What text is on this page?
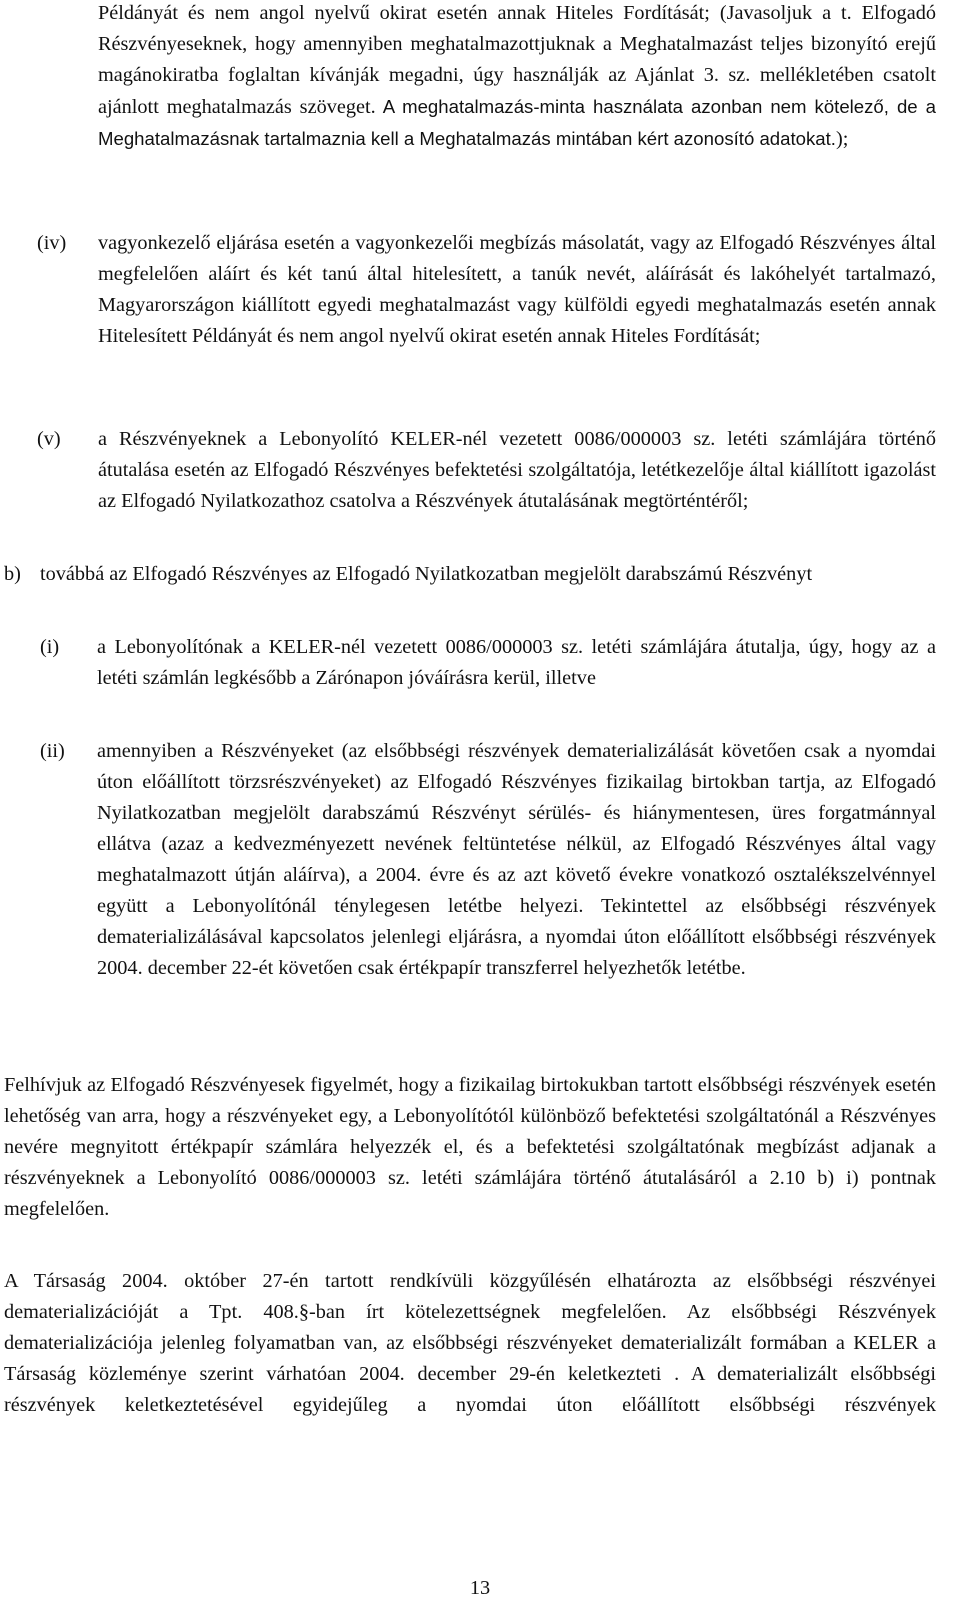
Példányát és nem angol nyelvű okirat esetén annak Hiteles Fordítását; (Javasoljuk a t. Elfogadó Részvényeseknek, hogy amennyiben meghatalmazottjuknak a Meghatalmazást teljes bizonyító erejű magánokiratba foglaltan kívánják megadni, úgy használják az Ajánlat 3. sz. mellékletében csatolt ajánlott meghatalmazás szöveget. A meghatalmazás-minta használata azonban nem kötelező, de a Meghatalmazásnak tartalmaznia kell a Meghatalmazás mintában kért azonosító adatokat.);

(iv) vagyonkezelő eljárása esetén a vagyonkezelői megbízás másolatát, vagy az Elfogadó Részvényes által megfelelően aláírt és két tanú által hitelesített, a tanúk nevét, aláírását és lakóhelyét tartalmazó, Magyarországon kiállított egyedi meghatalmazást vagy külföldi egyedi meghatalmazás esetén annak Hitelesített Példányát és nem angol nyelvű okirat esetén annak Hiteles Fordítását;

(v) a Részvényeknek a Lebonyolító KELER-nél vezetett 0086/000003 sz. letéti számlájára történő átutalása esetén az Elfogadó Részvényes befektetési szolgáltatója, letétkezelője által kiállított igazolást az Elfogadó Nyilatkozathoz csatolva a Részvények átutalásának megtörténtéről;

b) továbbá az Elfogadó Részvényes az Elfogadó Nyilatkozatban megjelölt darabszámú Részvényt

(i) a Lebonyolítónak a KELER-nél vezetett 0086/000003 sz. letéti számlájára átutalja, úgy, hogy az a letéti számlán legkésőbb a Zárónapon jóváírásra kerül, illetve

(ii) amennyiben a Részvényeket (az elsőbbségi részvények dematerializálását követően csak a nyomdai úton előállított törzsrészvényeket) az Elfogadó Részvényes fizikailag birtokban tartja, az Elfogadó Nyilatkozatban megjelölt darabszámú Részvényt sérülés- és hiánymentesen, üres forgatmánnyal ellátva (azaz a kedvezményezett nevének feltüntetése nélkül, az Elfogadó Részvényes által vagy meghatalmazott útján aláírva), a 2004. évre és az azt követő évekre vonatkozó osztalékszelvénnyel együtt a Lebonyolítónál ténylegesen letétbe helyezi. Tekintettel az elsőbbségi részvények dematerializálásával kapcsolatos jelenlegi eljárásra, a nyomdai úton előállított elsőbbségi részvények 2004. december 22-ét követően csak értékpapír transzferrel helyezhetők letétbe.

Felhívjuk az Elfogadó Részvényesek figyelmét, hogy a fizikailag birtokukban tartott elsőbbségi részvények esetén lehetőség van arra, hogy a részvényeket egy, a Lebonyolítótól különböző befektetési szolgáltatónál a Részvényes nevére megnyitott értékpapír számlára helyezzék el, és a befektetési szolgáltatónak megbízást adjanak a részvényeknek a Lebonyolító 0086/000003 sz. letéti számlájára történő átutalásáról a 2.10 b) i) pontnak megfelelően.

A Társaság 2004. október 27-én tartott rendkívüli közgyűlésén elhatározta az elsőbbségi részvényei dematerializációját a Tpt. 408.§-ban írt kötelezettségnek megfelelően. Az elsőbbségi Részvények dematerializációja jelenleg folyamatban van, az elsőbbségi részvényeket dematerializált formában a KELER a Társaság közleménye szerint várhatóan 2004. december 29-én keletkezteti . A dematerializált elsőbbségi részvények keletkeztetésével egyidejűleg a nyomdai úton előállított elsőbbségi részvények

13
